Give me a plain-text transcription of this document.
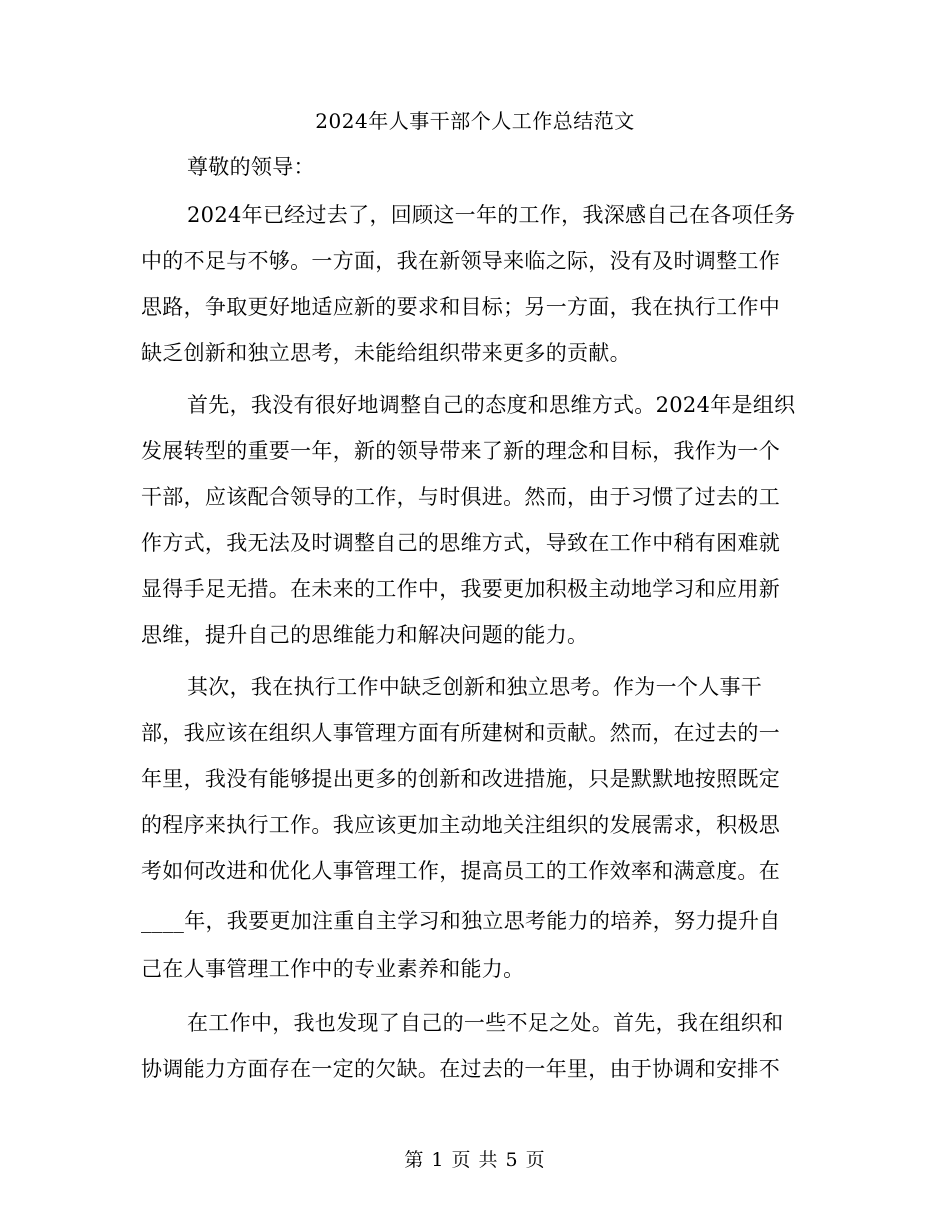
2024年人事干部个人工作总结范文
尊敬的领导：
2024年已经过去了，回顾这一年的工作，我深感自己在各项任务
中的不足与不够。一方面，我在新领导来临之际，没有及时调整工作
思路，争取更好地适应新的要求和目标；另一方面，我在执行工作中
缺乏创新和独立思考，未能给组织带来更多的贡献。
首先，我没有很好地调整自己的态度和思维方式。2024年是组织
发展转型的重要一年，新的领导带来了新的理念和目标，我作为一个
干部，应该配合领导的工作，与时俱进。然而，由于习惯了过去的工
作方式，我无法及时调整自己的思维方式，导致在工作中稍有困难就
显得手足无措。在未来的工作中，我要更加积极主动地学习和应用新
思维，提升自己的思维能力和解决问题的能力。
其次，我在执行工作中缺乏创新和独立思考。作为一个人事干
部，我应该在组织人事管理方面有所建树和贡献。然而，在过去的一
年里，我没有能够提出更多的创新和改进措施，只是默默地按照既定
的程序来执行工作。我应该更加主动地关注组织的发展需求，积极思
考如何改进和优化人事管理工作，提高员工的工作效率和满意度。在
____年，我要更加注重自主学习和独立思考能力的培养，努力提升自
己在人事管理工作中的专业素养和能力。
在工作中，我也发现了自己的一些不足之处。首先，我在组织和
协调能力方面存在一定的欠缺。在过去的一年里，由于协调和安排不
第 1 页 共 5 页
